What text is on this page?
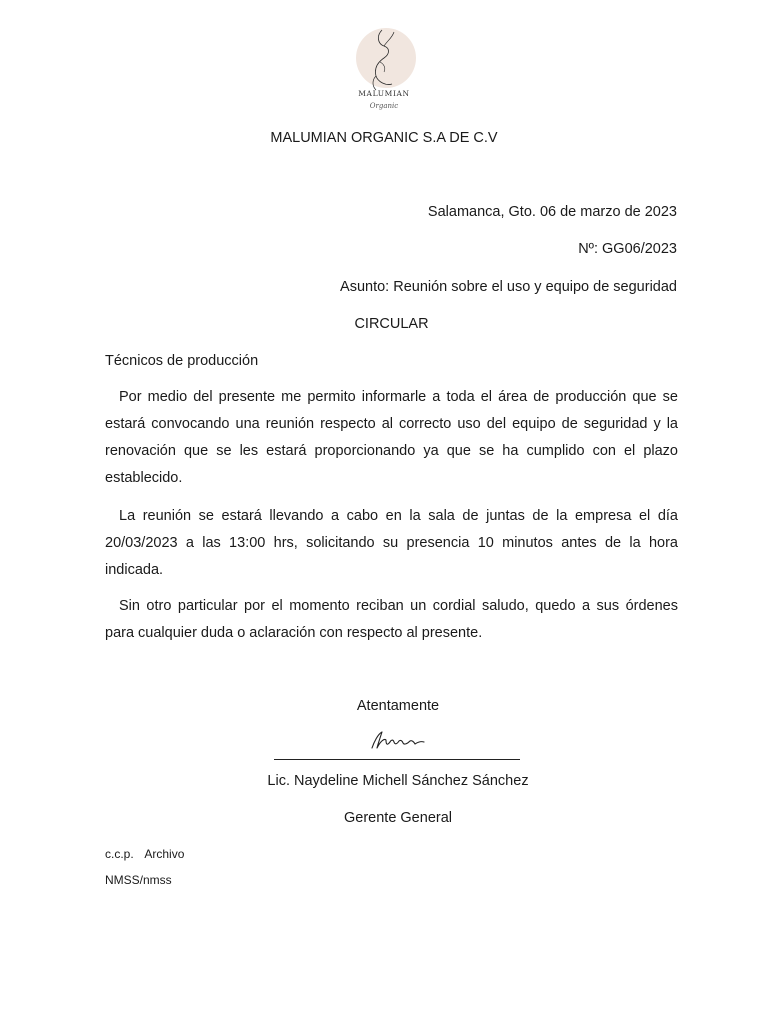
MALUMIAN
Organic
MALUMIAN ORGANIC S.A DE C.V
Salamanca, Gto. 06 de marzo de 2023
Nº: GG06/2023
Asunto: Reunión sobre el uso y equipo de seguridad
CIRCULAR
Técnicos de producción

Por medio del presente me permito informarle a toda el área de producción que se estará convocando una reunión respecto al correcto uso del equipo de seguridad y la renovación que se les estará proporcionando ya que se ha cumplido con el plazo establecido.

La reunión se estará llevando a cabo en la sala de juntas de la empresa el día 20/03/2023 a las 13:00 hrs, solicitando su presencia 10 minutos antes de la hora indicada.

Sin otro particular por el momento reciban un cordial saludo, quedo a sus órdenes para cualquier duda o aclaración con respecto al presente.

Atentamente
Lic. Naydeline Michell Sánchez Sánchez
Gerente General
c.c.p. Archivo
NMSS/nmss
